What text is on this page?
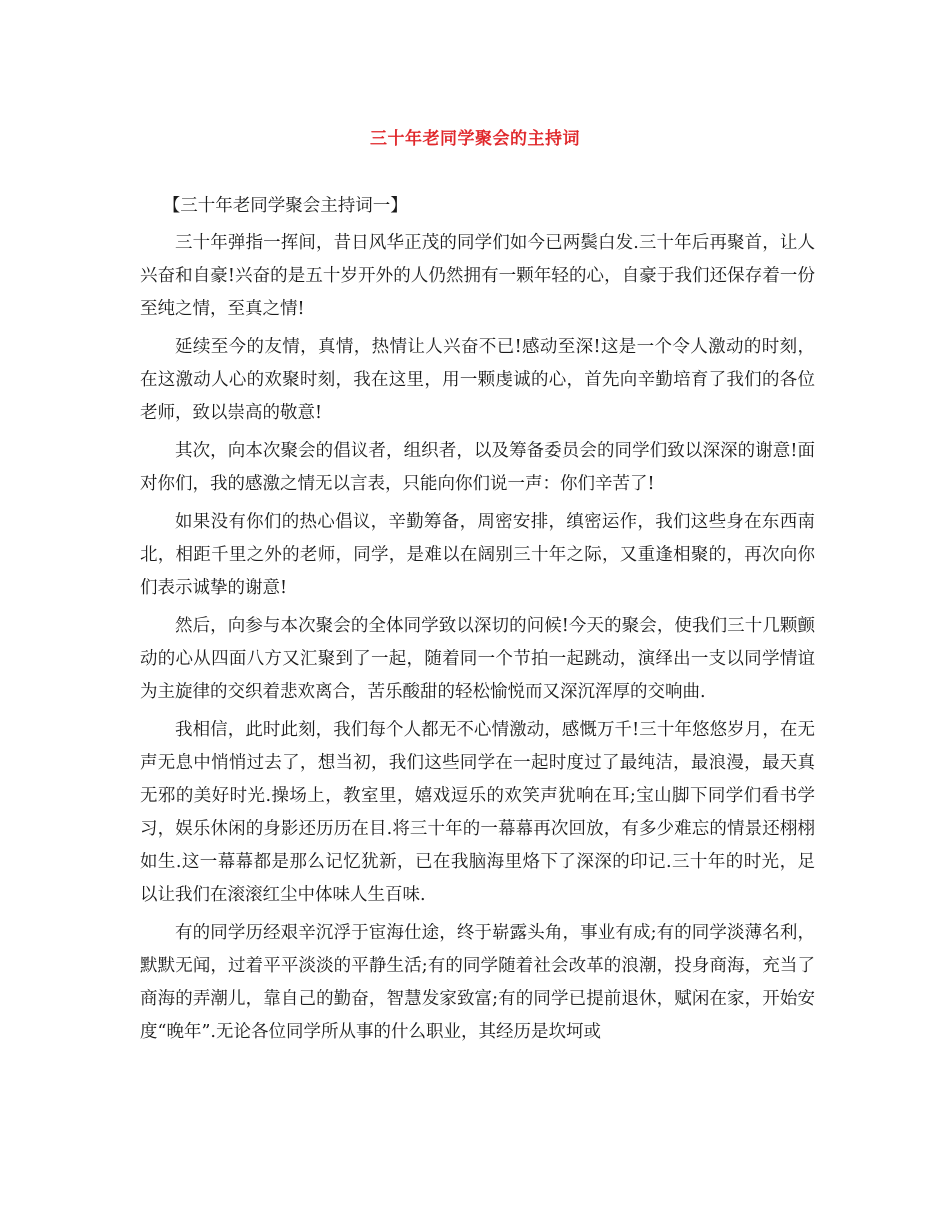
三十年老同学聚会的主持词

【三十年老同学聚会主持词一】

三十年弹指一挥间，昔日风华正茂的同学们如今已两鬓白发.三十年后再聚首，让人兴奋和自豪!兴奋的是五十岁开外的人仍然拥有一颗年轻的心，自豪于我们还保存着一份至纯之情，至真之情!

延续至今的友情，真情，热情让人兴奋不已!感动至深!这是一个令人激动的时刻，在这激动人心的欢聚时刻，我在这里，用一颗虔诚的心，首先向辛勤培育了我们的各位老师，致以崇高的敬意!

其次，向本次聚会的倡议者，组织者，以及筹备委员会的同学们致以深深的谢意!面对你们，我的感激之情无以言表，只能向你们说一声：你们辛苦了!

如果没有你们的热心倡议，辛勤筹备，周密安排，缜密运作，我们这些身在东西南北，相距千里之外的老师，同学，是难以在阔别三十年之际，又重逢相聚的，再次向你们表示诚挚的谢意!

然后，向参与本次聚会的全体同学致以深切的问候!今天的聚会，使我们三十几颗颤动的心从四面八方又汇聚到了一起，随着同一个节拍一起跳动，演绎出一支以同学情谊为主旋律的交织着悲欢离合，苦乐酸甜的轻松愉悦而又深沉浑厚的交响曲.

我相信，此时此刻，我们每个人都无不心情激动，感慨万千!三十年悠悠岁月，在无声无息中悄悄过去了，想当初，我们这些同学在一起时度过了最纯洁，最浪漫，最天真无邪的美好时光.操场上，教室里，嬉戏逗乐的欢笑声犹响在耳;宝山脚下同学们看书学习，娱乐休闲的身影还历历在目.将三十年的一幕幕再次回放，有多少难忘的情景还栩栩如生.这一幕幕都是那么记忆犹新，已在我脑海里烙下了深深的印记.三十年的时光，足以让我们在滚滚红尘中体味人生百味.

有的同学历经艰辛沉浮于宦海仕途，终于崭露头角，事业有成;有的同学淡薄名利，默默无闻，过着平平淡淡的平静生活;有的同学随着社会改革的浪潮，投身商海，充当了商海的弄潮儿，靠自己的勤奋，智慧发家致富;有的同学已提前退休，赋闲在家，开始安度“晚年”.无论各位同学所从事的什么职业，其经历是坎坷或
